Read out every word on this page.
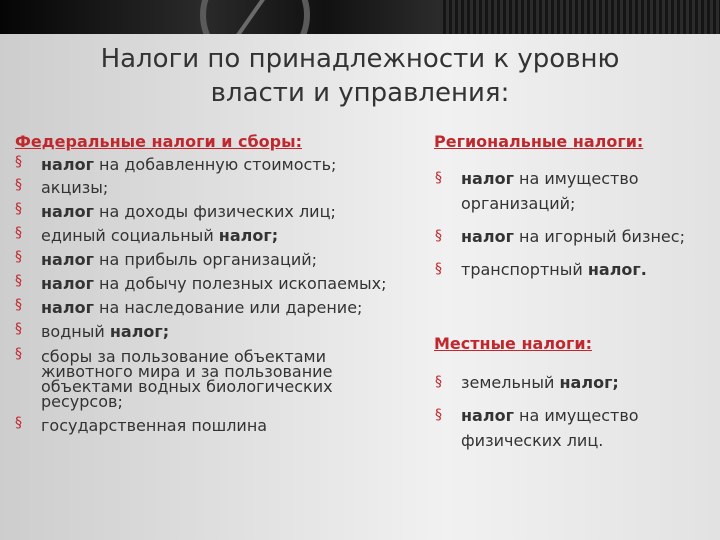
Налоги по принадлежности к уровню
власти и управления:
Федеральные налоги и сборы:
§ налог на добавленную стоимость;
§ акцизы;
§ налог на доходы физических лиц;
§ единый социальный налог;
§ налог на прибыль организаций;
§ налог на добычу полезных ископаемых;
§ налог на наследование или дарение;
§ водный налог;
§ сборы за пользование объектами животного мира и за пользование объектами водных биологических ресурсов;
§ государственная пошлина
Региональные налоги:
§ налог на имущество организаций;
§ налог на игорный бизнес;
§ транспортный налог.
Местные налоги:
§ земельный налог;
§ налог на имущество физических лиц.
